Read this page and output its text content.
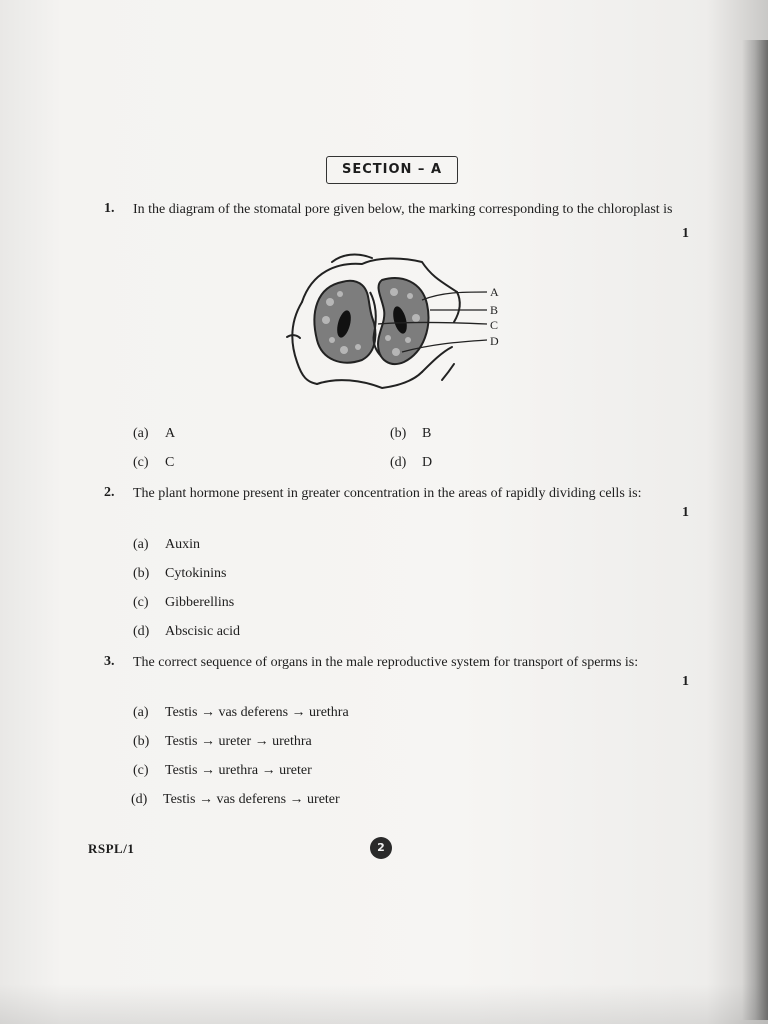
SECTION – A
1. In the diagram of the stomatal pore given below, the marking corresponding to the chloroplast is
1
A
B
C
D
(a) A	(b) B
(c) C	(d) D
2. The plant hormone present in greater concentration in the areas of rapidly dividing cells is:
1
(a) Auxin
(b) Cytokinins
(c) Gibberellins
(d) Abscisic acid
3. The correct sequence of organs in the male reproductive system for transport of sperms is:
1
(a) Testis → vas deferens → urethra
(b) Testis → ureter → urethra
(c) Testis → urethra → ureter
(d) Testis → vas deferens → ureter
RSPL/1	2
